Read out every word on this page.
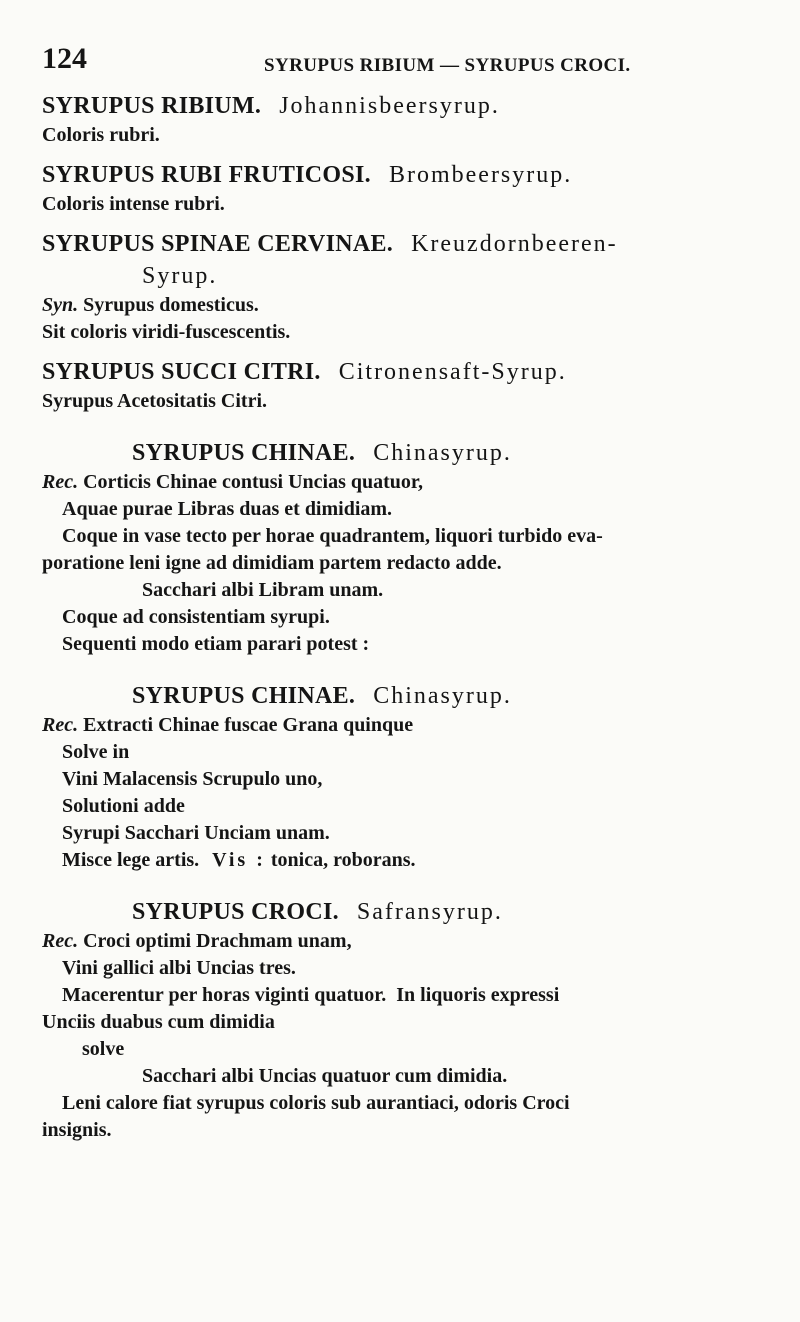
124	SYRUPUS RIBIUM — SYRUPUS CROCI.
SYRUPUS RIBIUM. Johannisbeersyrup.
Coloris rubri.
SYRUPUS RUBI FRUTICOSI. Brombeersyrup.
Coloris intense rubri.
SYRUPUS SPINAE CERVINAE. Kreuzdornbeeren-
Syrup.
Syn. Syrupus domesticus.
Sit coloris viridi-fuscescentis.
SYRUPUS SUCCI CITRI. Citronensaft-Syrup.
Syrupus Acetositatis Citri.
SYRUPUS CHINAE. Chinasyrup.
Rec. Corticis Chinae contusi Uncias quatuor,
Aquae purae Libras duas et dimidiam.
Coque in vase tecto per horae quadrantem, liquori turbido eva-
poratione leni igne ad dimidiam partem redacto adde.
Sacchari albi Libram unam.
Coque ad consistentiam syrupi.
Sequenti modo etiam parari potest :
SYRUPUS CHINAE. Chinasyrup.
Rec. Extracti Chinae fuscae Grana quinque
Solve in
Vini Malacensis Scrupulo uno,
Solutioni adde
Syrupi Sacchari Unciam unam.
Misce lege artis. Vis : tonica, roborans.
SYRUPUS CROCI. Safransyrup.
Rec. Croci optimi Drachmam unam,
Vini gallici albi Uncias tres.
Macerentur per horas viginti quatuor.  In liquoris expressi
Unciis duabus cum dimidia
solve
Sacchari albi Uncias quatuor cum dimidia.
Leni calore fiat syrupus coloris sub aurantiaci, odoris Croci
insignis.
